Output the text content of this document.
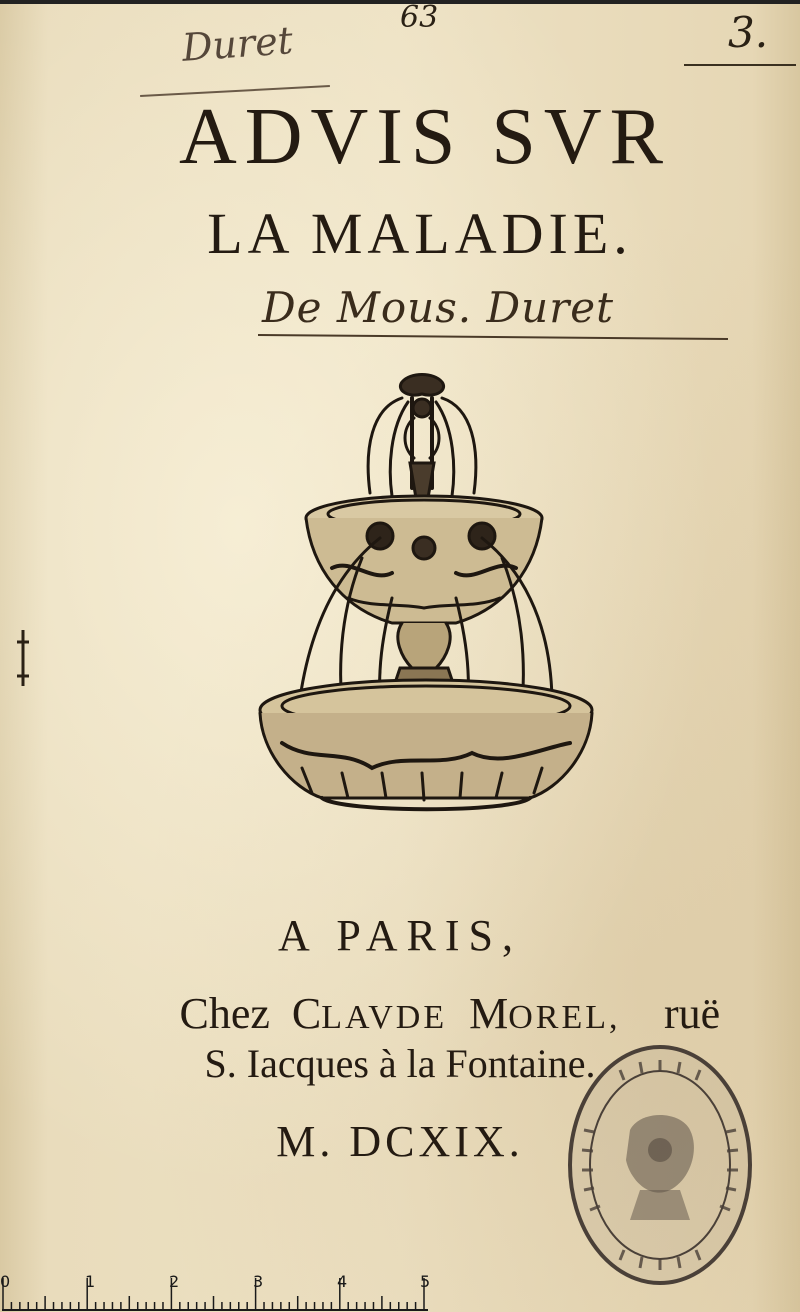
Duret
63	3.
ADVIS SVR
LA MALADIE.
De Mous. Duret
A PARIS,
Chez CLAVDE MOREL, ruë
S. Iacques à la Fontaine.
M. DCXIX.
0	1	2	3	4	5
